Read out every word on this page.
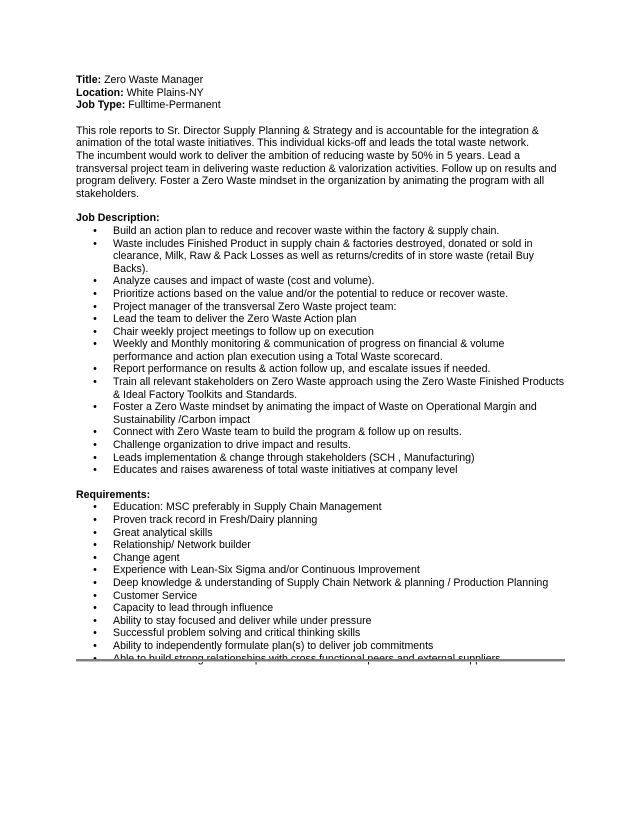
Title: Zero Waste Manager

Location: White Plains-NY

Job Type: Fulltime-Permanent

This role reports to Sr. Director Supply Planning & Strategy and is accountable for the integration & animation of the total waste initiatives. This individual kicks-off and leads the total waste network.

The incumbent would work to deliver the ambition of reducing waste by 50% in 5 years. Lead a transversal project team in delivering waste reduction & valorization activities. Follow up on results and program delivery. Foster a Zero Waste mindset in the organization by animating the program with all stakeholders.

Job Description:

• Build an action plan to reduce and recover waste within the factory & supply chain.
• Waste includes Finished Product in supply chain & factories destroyed, donated or sold in clearance, Milk, Raw & Pack Losses as well as returns/credits of in store waste (retail Buy Backs).
• Analyze causes and impact of waste (cost and volume).
• Prioritize actions based on the value and/or the potential to reduce or recover waste.
• Project manager of the transversal Zero Waste project team:
• Lead the team to deliver the Zero Waste Action plan
• Chair weekly project meetings to follow up on execution
• Weekly and Monthly monitoring & communication of progress on financial & volume performance and action plan execution using a Total Waste scorecard.
• Report performance on results & action follow up, and escalate issues if needed.
• Train all relevant stakeholders on Zero Waste approach using the Zero Waste Finished Products & Ideal Factory Toolkits and Standards.
• Foster a Zero Waste mindset by animating the impact of Waste on Operational Margin and Sustainability /Carbon impact
• Connect with Zero Waste team to build the program & follow up on results.
• Challenge organization to drive impact and results.
• Leads implementation & change through stakeholders (SCH , Manufacturing)
• Educates and raises awareness of total waste initiatives at company level

Requirements:

• Education: MSC preferably in Supply Chain Management
• Proven track record in Fresh/Dairy planning
• Great analytical skills
• Relationship/ Network builder
• Change agent
• Experience with Lean-Six Sigma and/or Continuous Improvement
• Deep knowledge & understanding of Supply Chain Network & planning / Production Planning
• Customer Service
• Capacity to lead through influence
• Ability to stay focused and deliver while under pressure
• Successful problem solving and critical thinking skills
• Ability to independently formulate plan(s) to deliver job commitments
